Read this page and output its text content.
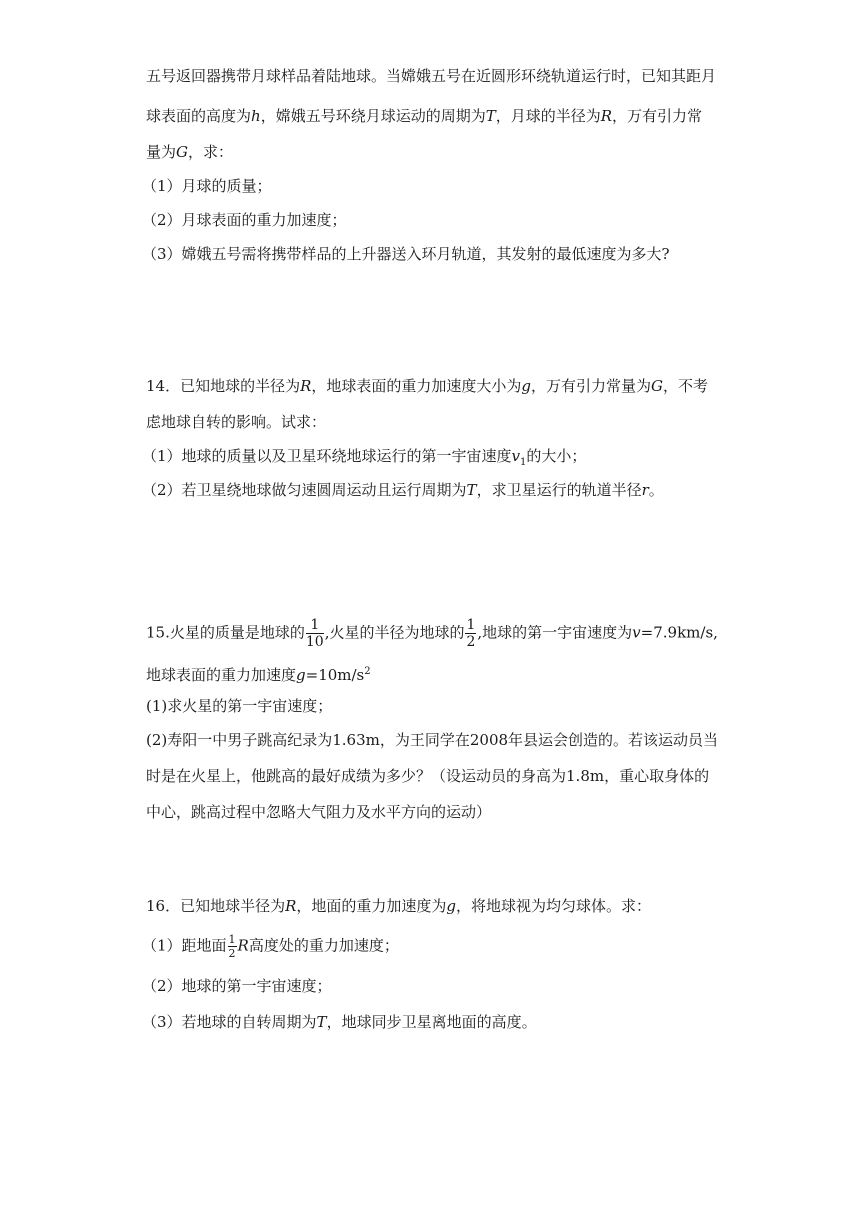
五号返回器携带月球样品着陆地球。当嫦娥五号在近圆形环绕轨道运行时，已知其距月
球表面的高度为h，嫦娥五号环绕月球运动的周期为T，月球的半径为R，万有引力常
量为G，求：
（1）月球的质量；
（2）月球表面的重力加速度；
（3）嫦娥五号需将携带样品的上升器送入环月轨道，其发射的最低速度为多大?
14．已知地球的半径为R，地球表面的重力加速度大小为g，万有引力常量为G，不考
虑地球自转的影响。试求：
（1）地球的质量以及卫星环绕地球运行的第一宇宙速度$v_1$的大小；
（2）若卫星绕地球做匀速圆周运动且运行周期为T，求卫星运行的轨道半径r。
15.火星的质量是地球的 $\frac{1}{10}$ ,火星的半径为地球的 $\frac{1}{2}$ ,地球的第一宇宙速度为v=7.9km/s,
地球表面的重力加速度$g=10m/s^2$
(1)求火星的第一宇宙速度；
(2)寿阳一中男子跳高纪录为1.63m，为王同学在2008年县运会创造的。若该运动员当
时是在火星上，他跳高的最好成绩为多少？（设运动员的身高为1.8m，重心取身体的
中心，跳高过程中忽略大气阻力及水平方向的运动）
16．已知地球半径为R，地面的重力加速度为g，将地球视为均匀球体。求：
（1）距地面 $\frac{1}{2}$ R高度处的重力加速度；
（2）地球的第一宇宙速度；
（3）若地球的自转周期为T，地球同步卫星离地面的高度。
